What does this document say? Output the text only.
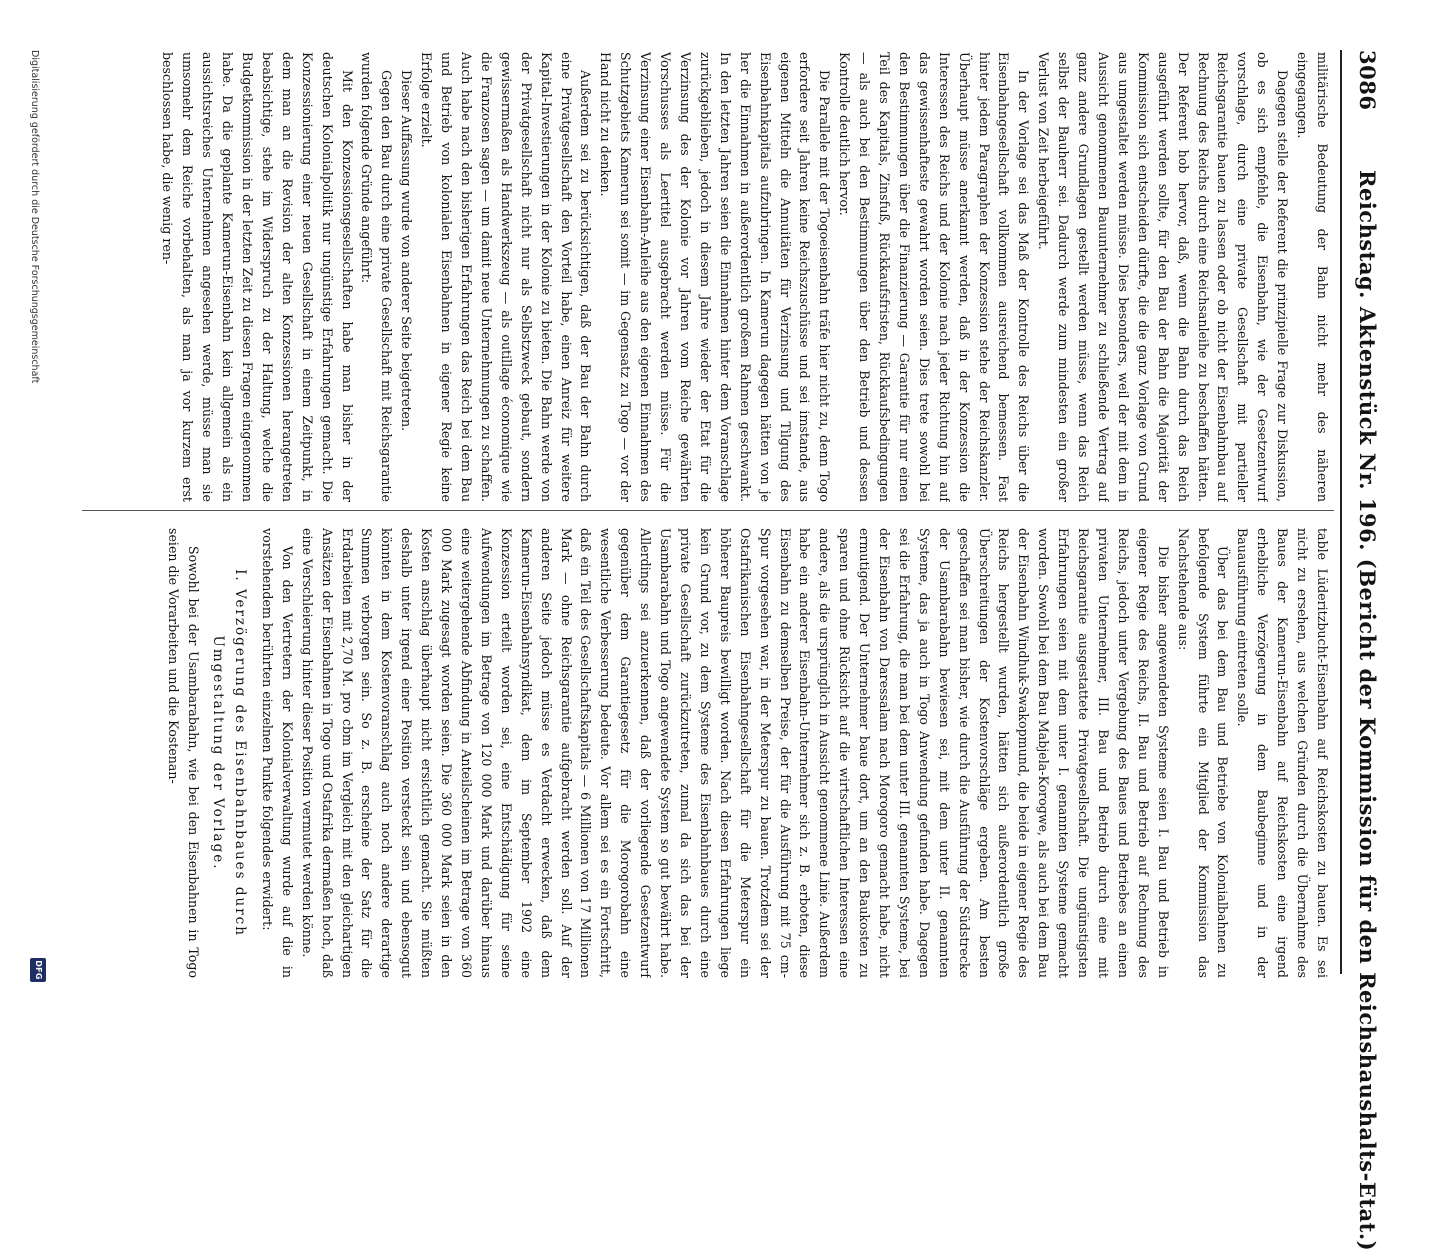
3086
Reichstag. Aktenstück Nr. 196. (Bericht der Kommission für den Reichshaushalts-Etat.)

militärische Bedeutung der Bahn nicht mehr des näheren eingegangen.

Dagegen stelle der Referent die prinzipielle Frage zur Diskussion, ob es sich empfehle, die Eisenbahn, wie der Gesetzentwurf vorschlage, durch eine private Gesellschaft mit partieller Reichsgarantie bauen zu lassen oder ob nicht der Eisenbahnbau auf Rechnung des Reichs durch eine Reichsanleihe zu beschaffen hätten. Der Referent hob hervor, daß, wenn die Bahn durch das Reich ausgeführt werden sollte, für den Bau der Bahn die Majorität der Kommission sich entscheiden dürfte, die die ganz Vorlage von Grund aus umgestaltet werden müsse. Dies besonders, weil der mit dem in Aussicht genommenen Bauunternehmer zu schließende Vertrag auf ganz andere Grundlagen gestellt werden müsse, wenn das Reich selbst der Bauherr sei. Dadurch werde zum mindesten ein großer Verlust von Zeit herbeigeführt.

In der Vorlage sei das Maß der Kontrolle des Reichs über die Eisenbahngesellschaft vollkommen ausreichend bemessen. Fast hinter jedem Paragraphen der Konzession stehe der Reichskanzler. Überhaupt müsse anerkannt werden, daß in der Konzession die Interessen des Reichs und der Kolonie nach jeder Richtung hin auf das gewissenhafteste gewahrt worden seien. Dies trete sowohl bei den Bestimmungen über die Finanzierung — Garantie für nur einen Teil des Kapitals, Zinsfuß, Rückkaufsfristen, Rückkaufsbedingungen — als auch bei den Bestimmungen über den Betrieb und dessen Kontrolle deutlich hervor.

Die Parallele mit der Togoeisenbahn träfe hier nicht zu, denn Togo erfordere seit Jahren keine Reichszuschüsse und sei imstande, aus eigenen Mitteln die Annuitäten für Verzinsung und Tilgung des Eisenbahnkapitals aufzubringen. In Kamerun dagegen hätten von je her die Einnahmen in außerordentlich großem Rahmen geschwankt. In den letzten Jahren seien die Einnahmen hinter dem Voranschlage zurückgeblieben, jedoch in diesem Jahre wieder der Etat für die Verzinsung des der Kolonie vor Jahren vom Reiche gewährten Vorschusses als Leertitel ausgebracht werden müsse. Für die Verzinsung einer Eisenbahn-Anleihe aus den eigenen Einnahmen des Schutzgebiets Kamerun sei somit — im Gegensatz zu Togo — vor der Hand nicht zu denken.

Außerdem sei zu berücksichtigen, daß der Bau der Bahn durch eine Privatgesellschaft den Vorteil habe, einen Anreiz für weitere Kapital-Investierungen in der Kolonie zu bieten. Die Bahn werde von der Privatgesellschaft nicht nur als Selbstzweck gebaut, sondern gewissermaßen als Handwerkszeug — als outillage économique wie die Franzosen sagen — um damit neue Unternehmungen zu schaffen. Auch habe nach den bisherigen Erfahrungen das Reich bei dem Bau und Betrieb von kolonialen Eisenbahnen in eigener Regie keine Erfolge erzielt.

Dieser Auffassung wurde von anderer Seite beigetreten.

Gegen den Bau durch eine private Gesellschaft mit Reichsgarantie wurden folgende Gründe angeführt:

Mit den Konzessionsgesellschaften habe man bisher in der deutschen Kolonialpolitik nur ungünstige Erfahrungen gemacht. Die Konzessionierung einer neuen Gesellschaft in einem Zeitpunkt, in dem man an die Revision der alten Konzessionen herangetreten beabsichtige, stehe im Widerspruch zu der Haltung, welche die Budgetkommission in der letzten Zeit zu diesen Fragen eingenommen habe. Da die geplante Kamerun-Eisenbahn kein allgemein als ein aussichtsreiches Unternehmen angesehen werde, müsse man sie umsomehr dem Reiche vorbehalten, als man ja vor kurzem erst beschlossen habe, die wenig ren-

table Lüderitzbucht-Eisenbahn auf Reichskosten zu bauen. Es sei nicht zu ersehen, aus welchen Gründen durch die Übernahme des Baues der Kamerun-Eisenbahn auf Reichskosten eine irgend erhebliche Verzögerung in dem Baubeginne und in der Bauausführung eintreten solle.

Über das bei dem Bau und Betriebe von Kolonialbahnen zu befolgende System führte ein Mitglied der Kommission das Nachstehende aus:

Die bisher angewendeten Systeme seien I. Bau und Betrieb in eigener Regie des Reichs, II. Bau und Betrieb auf Rechnung des Reichs, jedoch unter Vergebung des Baues und Betriebes an einen privaten Unternehmer, III. Bau und Betrieb durch eine mit Reichsgarantie ausgestattete Privatgesellschaft. Die ungünstigsten Erfahrungen seien mit dem unter I. genannten Systeme gemacht worden. Sowohl bei dem Bau Mabjela-Korogwe, als auch bei dem Bau der Eisenbahn Windhuk-Swakopmund, die beide in eigener Regie des Reichs hergestellt wurden, hätten sich außerordentlich große Überschreitungen der Kostenvorschläge ergeben. Am besten geschaffen sei man bisher, wie durch die Ausführung der Südstrecke der Usambarabahn bewiesen sei, mit dem unter II. genannten Systeme, das ja auch in Togo Anwendung gefunden habe. Dagegen sei die Erfahrung, die man bei dem unter III. genannten Systeme, bei der Eisenbahn von Daressalam nach Morogoro gemacht habe, nicht ermutigend. Der Unternehmer baue dort, um an den Baukosten zu sparen und ohne Rücksicht auf die wirtschaftlichen Interessen eine andere, als die ursprünglich in Aussicht genommene Linie. Außerdem habe ein anderer Eisenbahn-Unternehmer sich z. B. erboten, diese Eisenbahn zu demselben Preise, der für die Ausführung mit 75 cm-Spur vorgesehen war, in der Meterspur zu bauen. Trotzdem sei der Ostafrikanischen Eisenbahngesellschaft für die Meterspur ein höherer Baupreis bewilligt worden. Nach diesen Erfahrungen liege kein Grund vor, zu dem Systeme des Eisenbahnbaues durch eine private Gesellschaft zurückzutreten, zumal da sich das bei der Usambarabahn und Togo angewendete System so gut bewährt habe. Allerdings sei anzuerkennen, daß der vorliegende Gesetzentwurf gegenüber dem Garantiegesetz für die Morogorobahn eine wesentliche Verbesserung bedeute. Vor allem sei es ein Fortschritt, daß ein Teil des Gesellschaftskapitals — 6 Millionen von 17 Millionen Mark — ohne Reichsgarantie aufgebracht werden soll. Auf der anderen Seite jedoch müsse es Verdacht erwecken, daß dem Kamerun-Eisenbahnsyndikat, dem im September 1902 eine Konzession erteilt worden sei, eine Entschädigung für seine Aufwendungen im Betrage von 120 000 Mark und darüber hinaus eine weitergehende Abfindung in Anteilscheinen im Betrage von 360 000 Mark zugesagt worden seien. Die 360 000 Mark seien in den Kosten anschlag überhaupt nicht ersichtlich gemacht. Sie müßten deshalb unter irgend einer Position versteckt sein und ebensogut könnten in dem Kostenvoranschlag auch noch andere derartige Summen verborgen sein. So z. B. erscheine der Satz für die Erdarbeiten mit 2,70 M. pro cbm im Vergleich mit den gleichartigen Ansätzen der Eisenbahnen in Togo und Ostafrika dermaßen hoch, daß eine Verschleierung hinter dieser Position vermutet werden könne.

Von den Vertretern der Kolonialverwaltung wurde auf die in vorstehendem berührten einzelnen Punkte folgendes erwidert:

I. Verzögerung des Eisenbahnbaues durch Umgestaltung der Vorlage.

Sowohl bei der Usambarabahn, wie bei den Eisenbahnen in Togo seien die Vorarbeiten und die Kostenan-

Digitalisierung gefördert durch die Deutsche Forschungsgemeinschaft
DFG
